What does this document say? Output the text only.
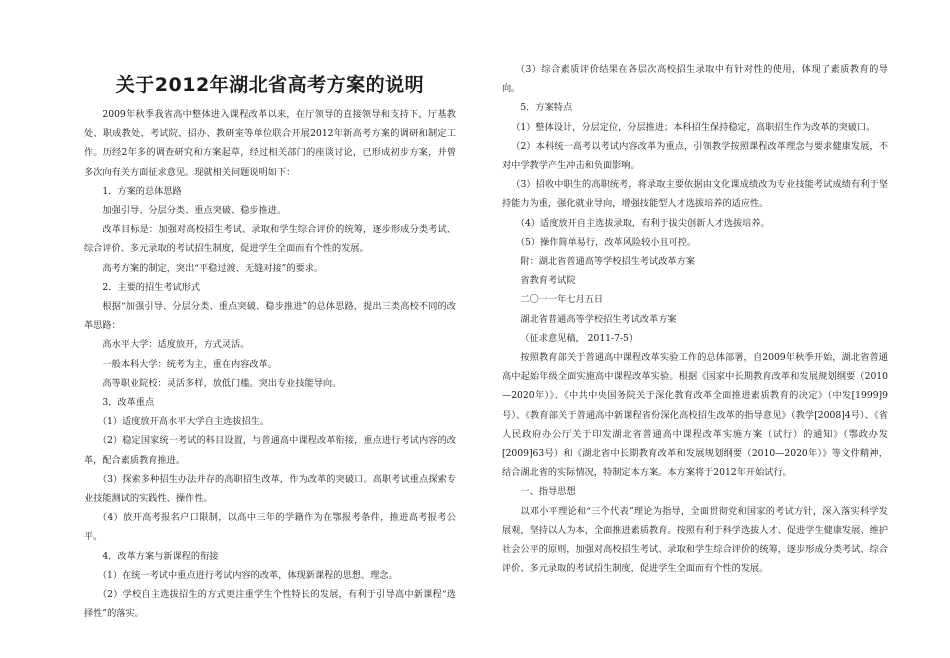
关于2012年湖北省高考方案的说明

2009年秋季我省高中整体进入课程改革以来，在厅领导的直接领导和支持下，厅基教处、职成教处、考试院、招办、教研室等单位联合开展2012年新高考方案的调研和制定工作。历经2年多的调查研究和方案起草，经过相关部门的座谈讨论，已形成初步方案，并曾多次向有关方面征求意见。现就相关问题说明如下：

1．方案的总体思路

加强引导、分层分类、重点突破、稳步推进。

改革目标是：加强对高校招生考试、录取和学生综合评价的统筹，逐步形成分类考试、综合评价、多元录取的考试招生制度，促进学生全面而有个性的发展。

高考方案的制定，突出“平稳过渡、无缝对接”的要求。

2．主要的招生考试形式

根据“加强引导、分层分类、重点突破、稳步推进”的总体思路，提出三类高校不同的改革思路：

高水平大学：适度放开，方式灵活。

一般本科大学：统考为主，重在内容改革。

高等职业院校：灵活多样，放低门槛。突出专业技能导向。

3．改革重点

（1）适度放开高水平大学自主选拔招生。

（2）稳定国家统一考试的科目设置，与普通高中课程改革衔接，重点进行考试内容的改革，配合素质教育推进。

（3）探索多种招生办法并存的高职招生改革，作为改革的突破口。高职考试重点探索专业技能测试的实践性、操作性。

（4）放开高考报名户口限制，以高中三年的学籍作为在鄂报考条件，推进高考报考公平。

4．改革方案与新课程的衔接

（1）在统一考试中重点进行考试内容的改革，体现新课程的思想、理念。

（2）学校自主选拔招生的方式更注重学生个性特长的发展，有利于引导高中新课程“选择性”的落实。

（3）综合素质评价结果在各层次高校招生录取中有针对性的使用，体现了素质教育的导向。

5．方案特点

（1）整体设计，分层定位，分层推进；本科招生保持稳定，高职招生作为改革的突破口。

（2）本科统一高考以考试内容改革为重点，引领教学按照课程改革理念与要求健康发展，不对中学教学产生冲击和负面影响。

（3）招收中职生的高职统考，将录取主要依据由文化课成绩改为专业技能考试成绩有利于坚持能力为重，强化就业导向，增强技能型人才选拔培养的适应性。

（4）适度放开自主选拔录取，有利于拔尖创新人才选拔培养。

（5）操作简单易行，改革风险较小且可控。

附：湖北省普通高等学校招生考试改革方案

省教育考试院

二〇一一年七月五日

湖北省普通高等学校招生考试改革方案

（征求意见稿， 2011-7-5）

按照教育部关于普通高中课程改革实验工作的总体部署，自2009年秋季开始，湖北省普通高中起始年级全面实施高中课程改革实验。根据《国家中长期教育改革和发展规划纲要（2010—2020年）》、《中共中央国务院关于深化教育改革全面推进素质教育的决定》（中发[1999]9号）、《教育部关于普通高中新课程省份深化高校招生改革的指导意见》（教学[2008]4号）、《省人民政府办公厅关于印发湖北省普通高中课程改革实施方案（试行）的通知》（鄂政办发[2009]63号）和《湖北省中长期教育改革和发展规划纲要（2010—2020年）》等文件精神，结合湖北省的实际情况，特制定本方案。本方案将于2012年开始试行。

一、指导思想

以邓小平理论和“三个代表”理论为指导，全面贯彻党和国家的考试方针，深入落实科学发展观，坚持以人为本，全面推进素质教育。按照有利于科学选拔人才、促进学生健康发展、维护社会公平的原则，加强对高校招生考试、录取和学生综合评价的统筹，逐步形成分类考试、综合评价、多元录取的考试招生制度，促进学生全面而有个性的发展。
